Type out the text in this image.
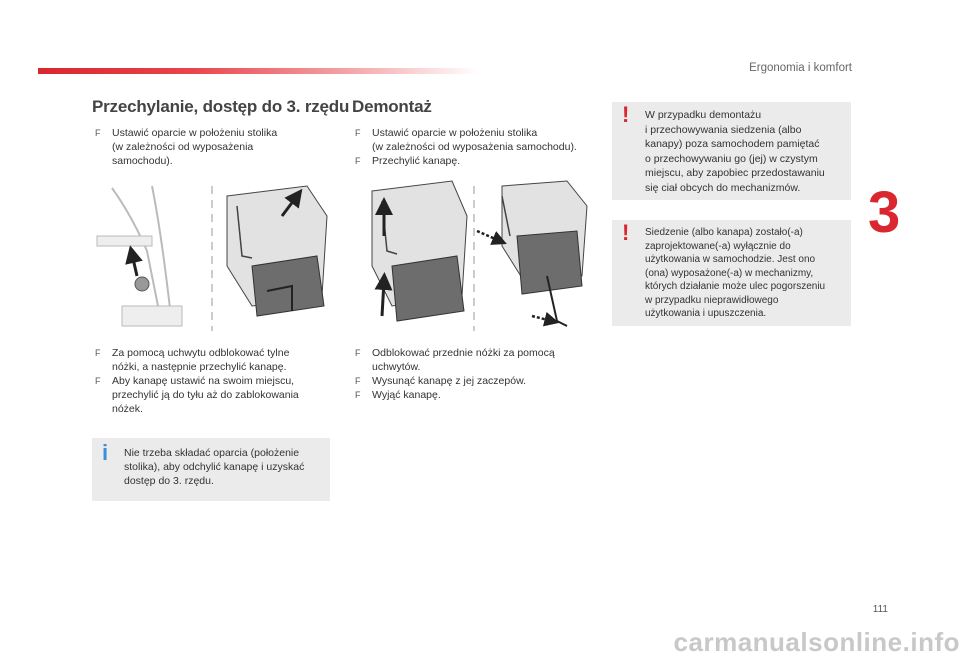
Ergonomia i komfort
3
Przechylanie, dostęp do 3. rzędu
F Ustawić oparcie w położeniu stolika
(w zależności od wyposażenia
samochodu).
F Za pomocą uchwytu odblokować tylne
nóżki, a następnie przechylić kanapę.
F Aby kanapę ustawić na swoim miejscu,
przechylić ją do tyłu aż do zablokowania
nóżek.
i Nie trzeba składać oparcia (położenie
stolika), aby odchylić kanapę i uzyskać
dostęp do 3. rzędu.
Demontaż
F Ustawić oparcie w położeniu stolika
(w zależności od wyposażenia samochodu).
F Przechylić kanapę.
F Odblokować przednie nóżki za pomocą
uchwytów.
F Wysunąć kanapę z jej zaczepów.
F Wyjąć kanapę.
! W przypadku demontażu
i przechowywania siedzenia (albo
kanapy) poza samochodem pamiętać
o przechowywaniu go (jej) w czystym
miejscu, aby zapobiec przedostawaniu
się ciał obcych do mechanizmów.
! Siedzenie (albo kanapa) zostało(-a)
zaprojektowane(-a) wyłącznie do
użytkowania w samochodzie. Jest ono
(ona) wyposażone(-a) w mechanizmy,
których działanie może ulec pogorszeniu
w przypadku nieprawidłowego
użytkowania i upuszczenia.
111
carmanualsonline.info
